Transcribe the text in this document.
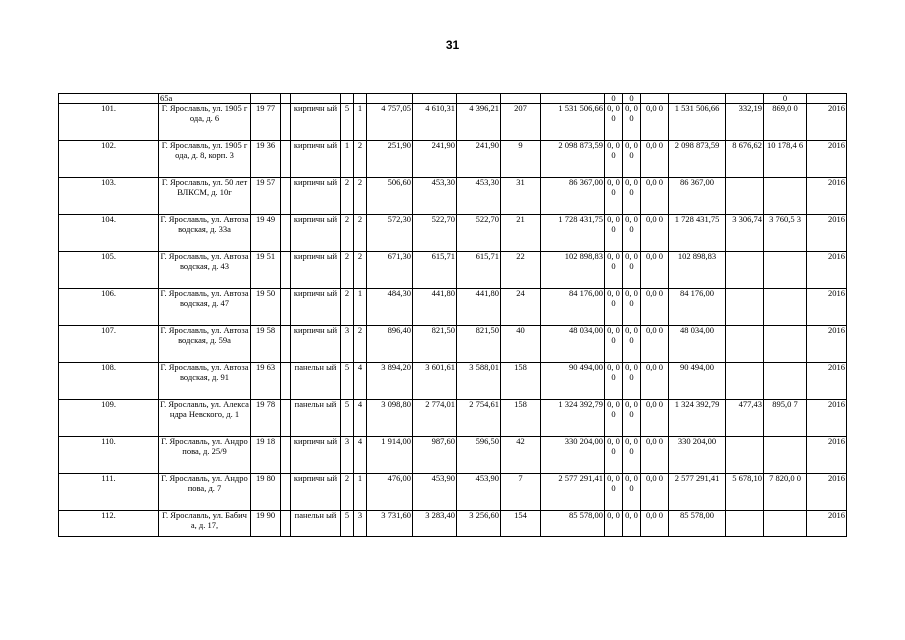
31
	65а											0	0				0	
101.	Г. Ярославль, ул. 1905 года, д. 6	19 77		кирпичн ый	5	1	4 757,05	4 610,31	4 396,21	207	1 531 506,66	0, 0 0	0, 0 0	0,0 0	1 531 506,66	332,19	869,0 0	2016
102.	Г. Ярославль, ул. 1905 года, д. 8, корп. 3	19 36		кирпичн ый	1	2	251,90	241,90	241,90	9	2 098 873,59	0, 0 0	0, 0 0	0,0 0	2 098 873,59	8 676,62	10 178,4 6	2016
103.	Г. Ярославль, ул. 50 лет ВЛКСМ, д. 10г	19 57		кирпичн ый	2	2	506,60	453,30	453,30	31	86 367,00	0, 0 0	0, 0 0	0,0 0	86 367,00			2016
104.	Г. Ярославль, ул. Автозаводская, д. 33а	19 49		кирпичн ый	2	2	572,30	522,70	522,70	21	1 728 431,75	0, 0 0	0, 0 0	0,0 0	1 728 431,75	3 306,74	3 760,5 3	2016
105.	Г. Ярославль, ул. Автозаводская, д. 43	19 51		кирпичн ый	2	2	671,30	615,71	615,71	22	102 898,83	0, 0 0	0, 0 0	0,0 0	102 898,83			2016
106.	Г. Ярославль, ул. Автозаводская, д. 47	19 50		кирпичн ый	2	1	484,30	441,80	441,80	24	84 176,00	0, 0 0	0, 0 0	0,0 0	84 176,00			2016
107.	Г. Ярославль, ул. Автозаводская, д. 59а	19 58		кирпичн ый	3	2	896,40	821,50	821,50	40	48 034,00	0, 0 0	0, 0 0	0,0 0	48 034,00			2016
108.	Г. Ярославль, ул. Автозаводская, д. 91	19 63		панельн ый	5	4	3 894,20	3 601,61	3 588,01	158	90 494,00	0, 0 0	0, 0 0	0,0 0	90 494,00			2016
109.	Г. Ярославль, ул. Александра Невского, д. 1	19 78		панельн ый	5	4	3 098,80	2 774,01	2 754,61	158	1 324 392,79	0, 0 0	0, 0 0	0,0 0	1 324 392,79	477,43	895,0 7	2016
110.	Г. Ярославль, ул. Андропова, д. 25/9	19 18		кирпичн ый	3	4	1 914,00	987,60	596,50	42	330 204,00	0, 0 0	0, 0 0	0,0 0	330 204,00			2016
111.	Г. Ярославль, ул. Андропова, д. 7	19 80		кирпичн ый	2	1	476,00	453,90	453,90	7	2 577 291,41	0, 0 0	0, 0 0	0,0 0	2 577 291,41	5 678,10	7 820,0 0	2016
112.	Г. Ярославль, ул. Бабича, д. 17,	19 90		панельн ый	5	3	3 731,60	3 283,40	3 256,60	154	85 578,00	0, 0	0, 0	0,0 0	85 578,00			2016
